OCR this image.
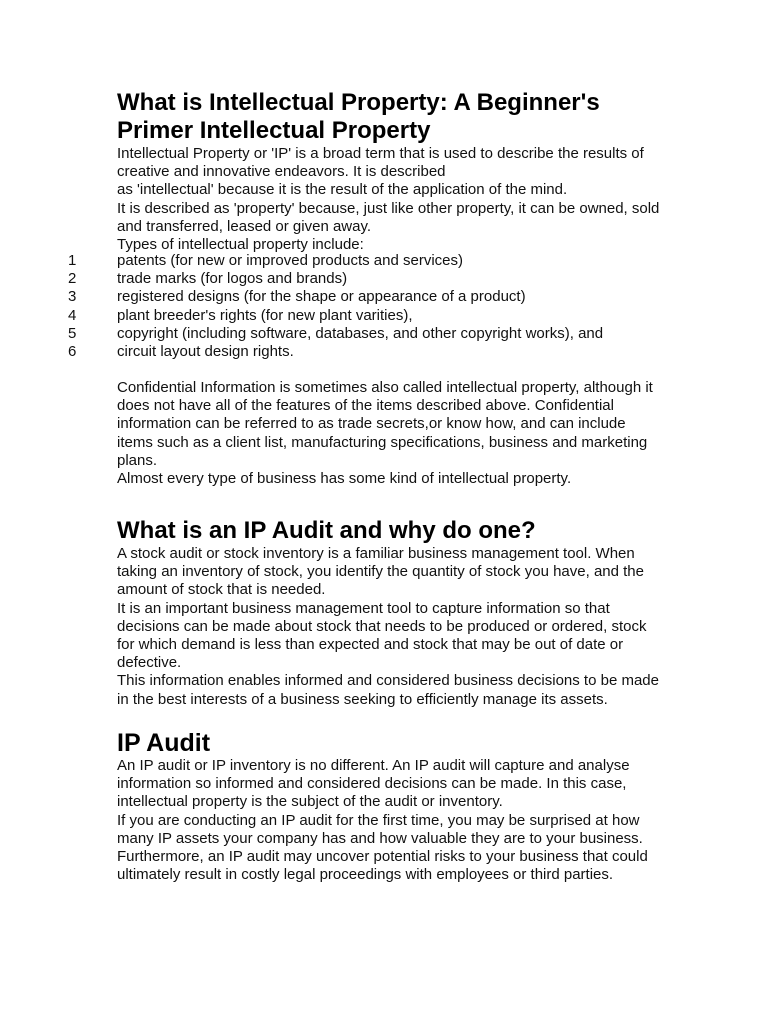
What is Intellectual Property: A Beginner's Primer Intellectual Property

Intellectual Property or 'IP' is a broad term that is used to describe the results of creative and innovative endeavors. It is described

as 'intellectual' because it is the result of the application of the mind.

It is described as 'property' because, just like other property, it can be owned, sold and transferred, leased or given away.

Types of intellectual property include:

1	patents (for new or improved products and services)
2	trade marks (for logos and brands)
3	registered designs (for the shape or appearance of a product)
4	plant breeder's rights (for new plant varities),
5	copyright (including software, databases, and other copyright works), and
6	circuit layout design rights.

Confidential Information is sometimes also called intellectual property, although it does not have all of the features of the items described above. Confidential information can be referred to as trade secrets,or know how, and can include items such as a client list, manufacturing specifications, business and marketing plans.

Almost every type of business has some kind of intellectual property.

What is an IP Audit and why do one?

A stock audit or stock inventory is a familiar business management tool. When taking an inventory of stock, you identify the quantity of stock you have, and the amount of stock that is needed.

It is an important business management tool to capture information so that decisions can be made about stock that needs to be produced or ordered, stock for which demand is less than expected and stock that may be out of date or defective.

This information enables informed and considered business decisions to be made in the best interests of a business seeking to efficiently manage its assets.

IP Audit

An IP audit or IP inventory is no different. An IP audit will capture and analyse information so informed and considered decisions can be made. In this case, intellectual property is the subject of the audit or inventory.

If you are conducting an IP audit for the first time, you may be surprised at how many IP assets your company has and how valuable they are to your business. Furthermore, an IP audit may uncover potential risks to your business that could ultimately result in costly legal proceedings with employees or third parties.
